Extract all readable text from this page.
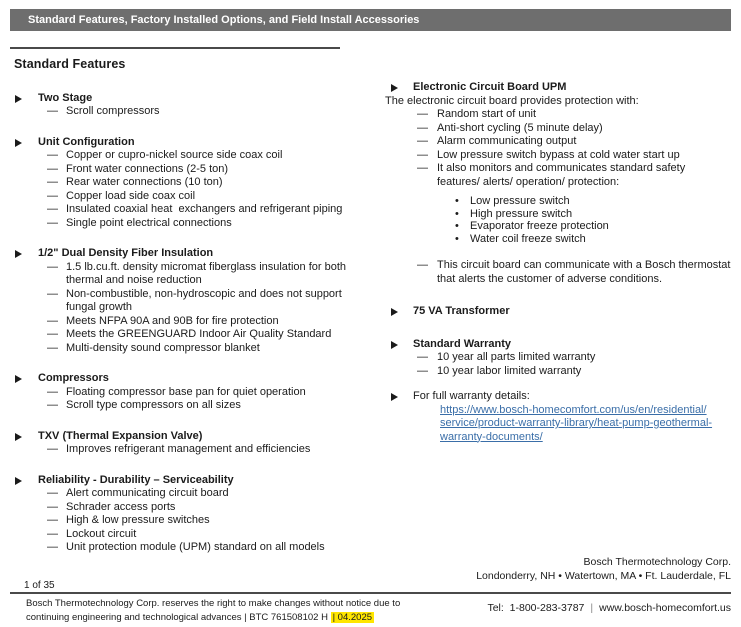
Standard Features, Factory Installed Options, and Field Install Accessories
Standard Features
Two Stage
—
Scroll compressors
Unit Configuration
—
Copper or cupro-nickel source side coax coil
—
Front water connections (2-5 ton)
—
Rear water connections (10 ton)
—
Copper load side coax coil
—
Insulated coaxial heat  exchangers and refrigerant piping
—
Single point electrical connections
1/2" Dual Density Fiber Insulation
—
1.5 lb.cu.ft. density micromat fiberglass insulation for both thermal and noise reduction
—
Non-combustible, non-hydroscopic and does not support fungal growth
—
Meets NFPA 90A and 90B for fire protection
—
Meets the GREENGUARD Indoor Air Quality Standard
—
Multi-density sound compressor blanket
Compressors
—
Floating compressor base pan for quiet operation
—
Scroll type compressors on all sizes
TXV (Thermal Expansion Valve)
—
Improves refrigerant management and efficiencies
Reliability - Durability – Serviceability
—
Alert communicating circuit board
—
Schrader access ports
—
High & low pressure switches
—
Lockout circuit
—
Unit protection module (UPM) standard on all models
Electronic Circuit Board UPM
The electronic circuit board provides protection with:
—
Random start of unit
—
Anti-short cycling (5 minute delay)
—
Alarm communicating output
—
Low pressure switch bypass at cold water start up
—
It also monitors and communicates standard safety features/ alerts/ operation/ protection:
•
Low pressure switch
•
High pressure switch
•
Evaporator freeze protection
•
Water coil freeze switch
—
This circuit board can communicate with a Bosch thermostat that alerts the customer of adverse conditions.
75 VA Transformer
Standard Warranty
—
10 year all parts limited warranty
—
10 year labor limited warranty
For full warranty details:
https://www.bosch-homecomfort.com/us/en/residential/
service/product-warranty-library/heat-pump-geothermal-
warranty-documents/
Bosch Thermotechnology Corp.
Londonderry, NH • Watertown, MA • Ft. Lauderdale, FL
1 of 35
Bosch Thermotechnology Corp. reserves the right to make changes without notice due to
continuing engineering and technological advances | BTC 761508102 H | 04.2025
Tel:  1-800-283-3787 | www.bosch-homecomfort.us
